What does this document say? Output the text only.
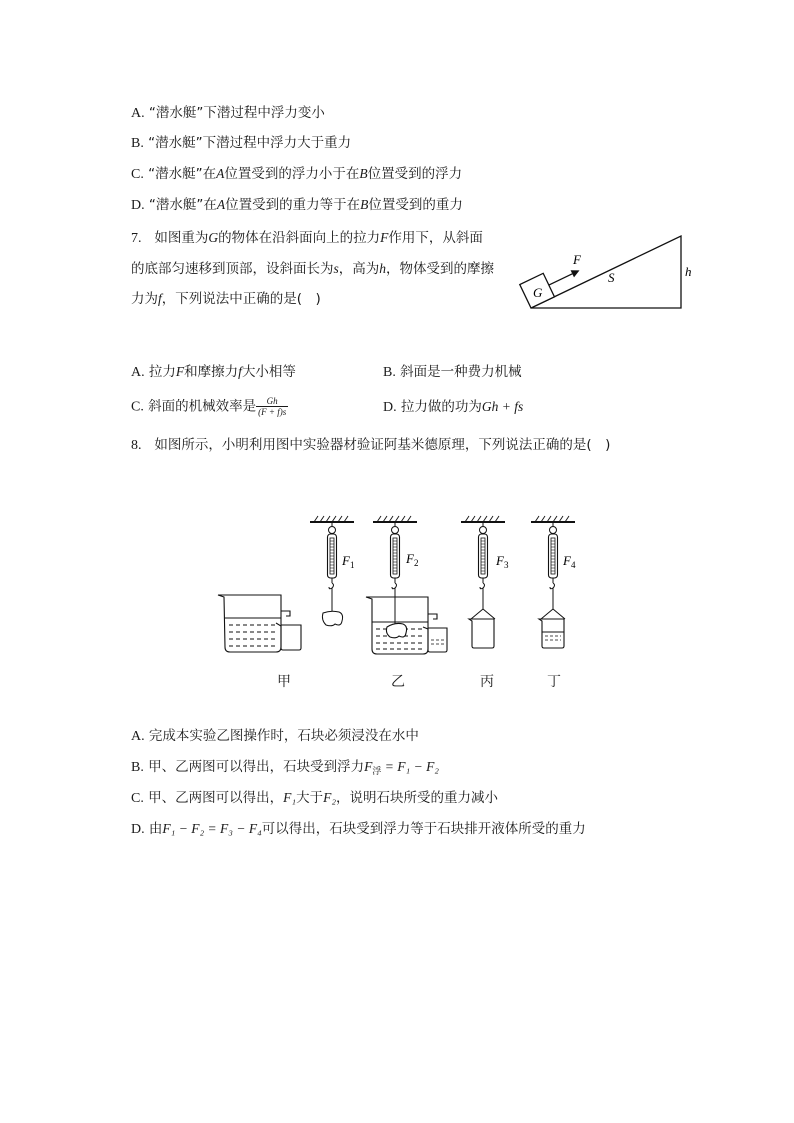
A. “潜水艇”下潜过程中浮力变小
B. “潜水艇”下潜过程中浮力大于重力
C. “潜水艇”在A位置受到的浮力小于在B位置受到的浮力
D. “潜水艇”在A位置受到的重力等于在B位置受到的重力
7. 如图重为G的物体在沿斜面向上的拉力F作用下，从斜面
的底部匀速移到顶部，设斜面长为s，高为h，物体受到的摩擦
力为f，下列说法中正确的是(　)	G
F
S	h
A. 拉力F和摩擦力f大小相等	B. 斜面是一种费力机械
C. 斜面的机械效率是 $\frac{Gh}{(F + f)s}$	D. 拉力做的功为Gh + fs
8. 如图所示，小明利用图中实验器材验证阿基米德原理，下列说法正确的是(　)
$F_1$	$F_2$	$F_3$	$F_4$
甲	乙	丙	丁
A. 完成本实验乙图操作时，石块必须浸没在水中
B. 甲、乙两图可以得出，石块受到浮力$F_浮 = F_1 - F_2$
C. 甲、乙两图可以得出，F₁大于F₂，说明石块所受的重力减小
D. 由F₁ − F₂ = F₃ − F₄可以得出，石块受到浮力等于石块排开液体所受的重力
